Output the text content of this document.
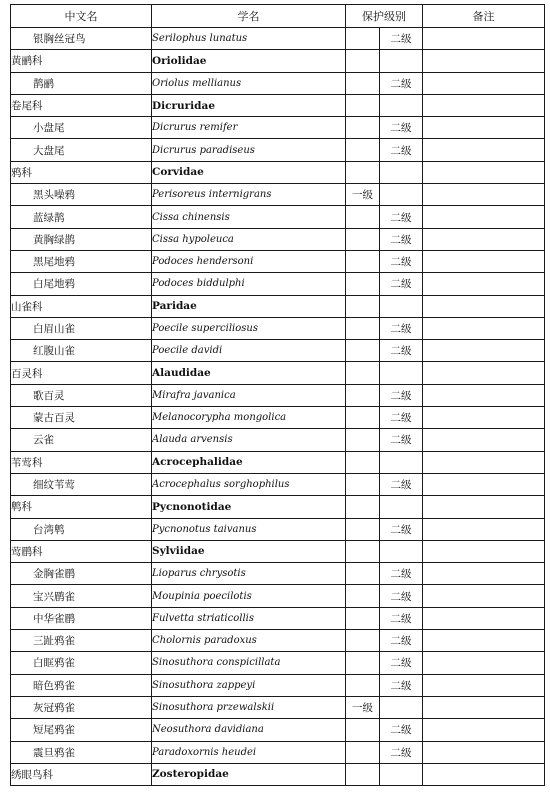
中文名	学名	保护级别		备注
银胸丝冠鸟	Serilophus lunatus		二级	
黄鹂科	Oriolidae			
鹊鹂	Oriolus mellianus		二级	
卷尾科	Dicruridae			
小盘尾	Dicrurus remifer		二级	
大盘尾	Dicrurus paradiseus		二级	
鸦科	Corvidae			
黑头噪鸦	Perisoreus internigrans	一级		
蓝绿鹊	Cissa chinensis		二级	
黄胸绿鹊	Cissa hypoleuca		二级	
黑尾地鸦	Podoces hendersoni		二级	
白尾地鸦	Podoces biddulphi		二级	
山雀科	Paridae			
白眉山雀	Poecile superciliosus		二级	
红腹山雀	Poecile davidi		二级	
百灵科	Alaudidae			
歌百灵	Mirafra javanica		二级	
蒙古百灵	Melanocorypha mongolica		二级	
云雀	Alauda arvensis		二级	
苇莺科	Acrocephalidae			
细纹苇莺	Acrocephalus sorghophilus		二级	
鹎科	Pycnonotidae			
台湾鹎	Pycnonotus taivanus		二级	
莺鹛科	Sylviidae			
金胸雀鹛	Lioparus chrysotis		二级	
宝兴鹛雀	Moupinia poecilotis		二级	
中华雀鹛	Fulvetta striaticollis		二级	
三趾鸦雀	Cholornis paradoxus		二级	
白眶鸦雀	Sinosuthora conspicillata		二级	
暗色鸦雀	Sinosuthora zappeyi		二级	
灰冠鸦雀	Sinosuthora przewalskii	一级		
短尾鸦雀	Neosuthora davidiana		二级	
震旦鸦雀	Paradoxornis heudei		二级	
绣眼鸟科	Zosteropidae			
